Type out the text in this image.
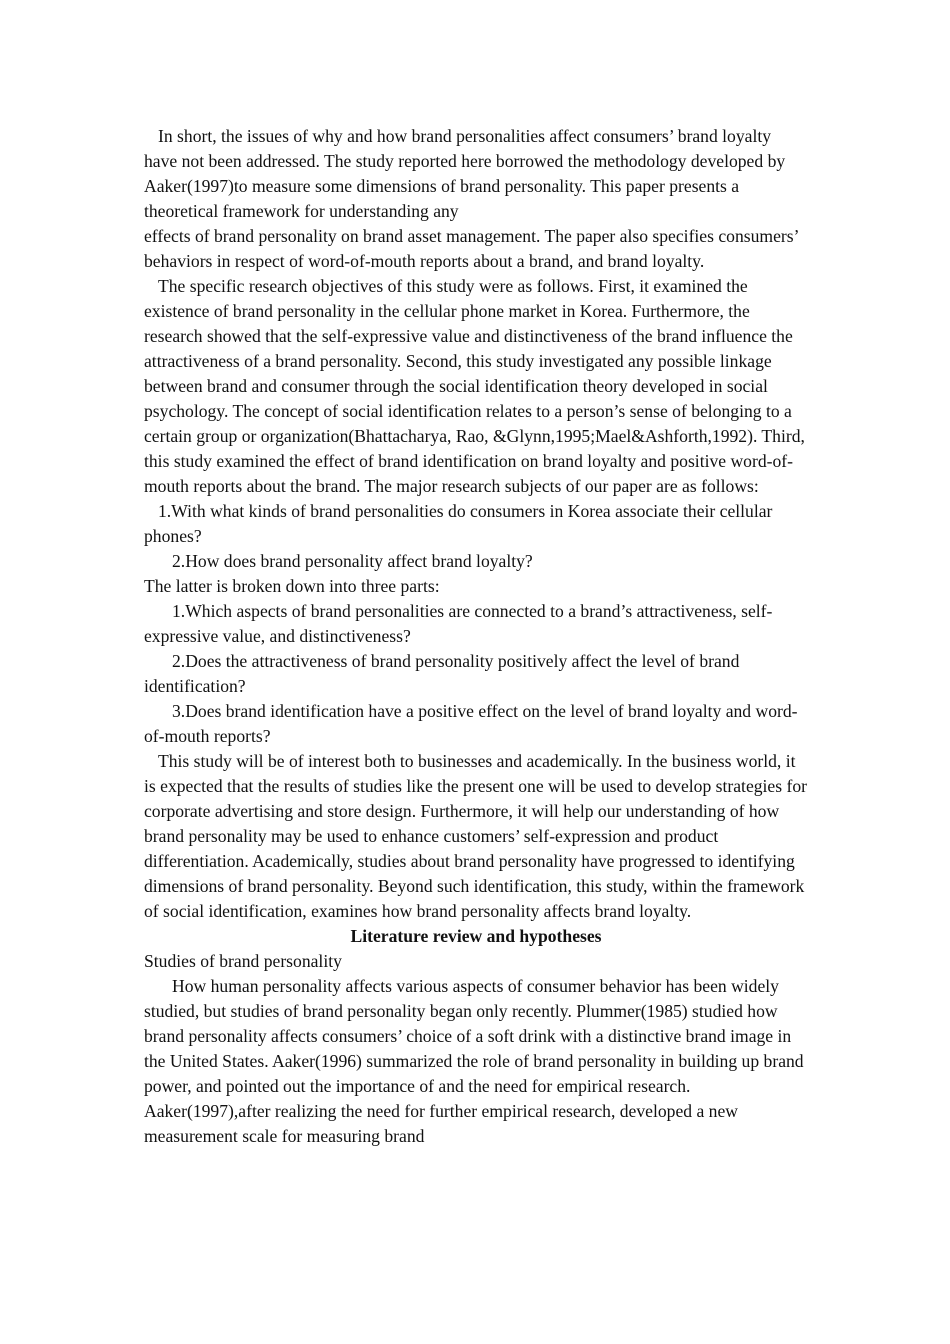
In short, the issues of why and how brand personalities affect consumers’ brand loyalty have not been addressed. The study reported here borrowed the methodology developed by Aaker(1997)to measure some dimensions of brand personality. This paper presents a theoretical framework for understanding any

effects of brand personality on brand asset management. The paper also specifies consumers’ behaviors in respect of word-of-mouth reports about a brand, and brand loyalty.

The specific research objectives of this study were as follows. First, it examined the existence of brand personality in the cellular phone market in Korea. Furthermore, the research showed that the self-expressive value and distinctiveness of the brand influence the attractiveness of a brand personality. Second, this study investigated any possible linkage between brand and consumer through the social identification theory developed in social psychology. The concept of social identification relates to a person’s sense of belonging to a certain group or organization(Bhattacharya, Rao, &Glynn,1995;Mael&Ashforth,1992). Third, this study examined the effect of brand identification on brand loyalty and positive word-of-mouth reports about the brand. The major research subjects of our paper are as follows:

1.With what kinds of brand personalities do consumers in Korea associate their cellular phones?

2.How does brand personality affect brand loyalty?

The latter is broken down into three parts:

1.Which aspects of brand personalities are connected to a brand’s attractiveness, self-expressive value, and distinctiveness?

2.Does the attractiveness of brand personality positively affect the level of brand identification?

3.Does brand identification have a positive effect on the level of brand loyalty and word-of-mouth reports?

This study will be of interest both to businesses and academically. In the business world, it is expected that the results of studies like the present one will be used to develop strategies for corporate advertising and store design. Furthermore, it will help our understanding of how brand personality may be used to enhance customers’ self-expression and product differentiation. Academically, studies about brand personality have progressed to identifying dimensions of brand personality. Beyond such identification, this study, within the framework of social identification, examines how brand personality affects brand loyalty.

Literature review and hypotheses

Studies of brand personality

How human personality affects various aspects of consumer behavior has been widely studied, but studies of brand personality began only recently. Plummer(1985) studied how brand personality affects consumers’ choice of a soft drink with a distinctive brand image in the United States. Aaker(1996) summarized the role of brand personality in building up brand power, and pointed out the importance of and the need for empirical research. Aaker(1997),after realizing the need for further empirical research, developed a new measurement scale for measuring brand
